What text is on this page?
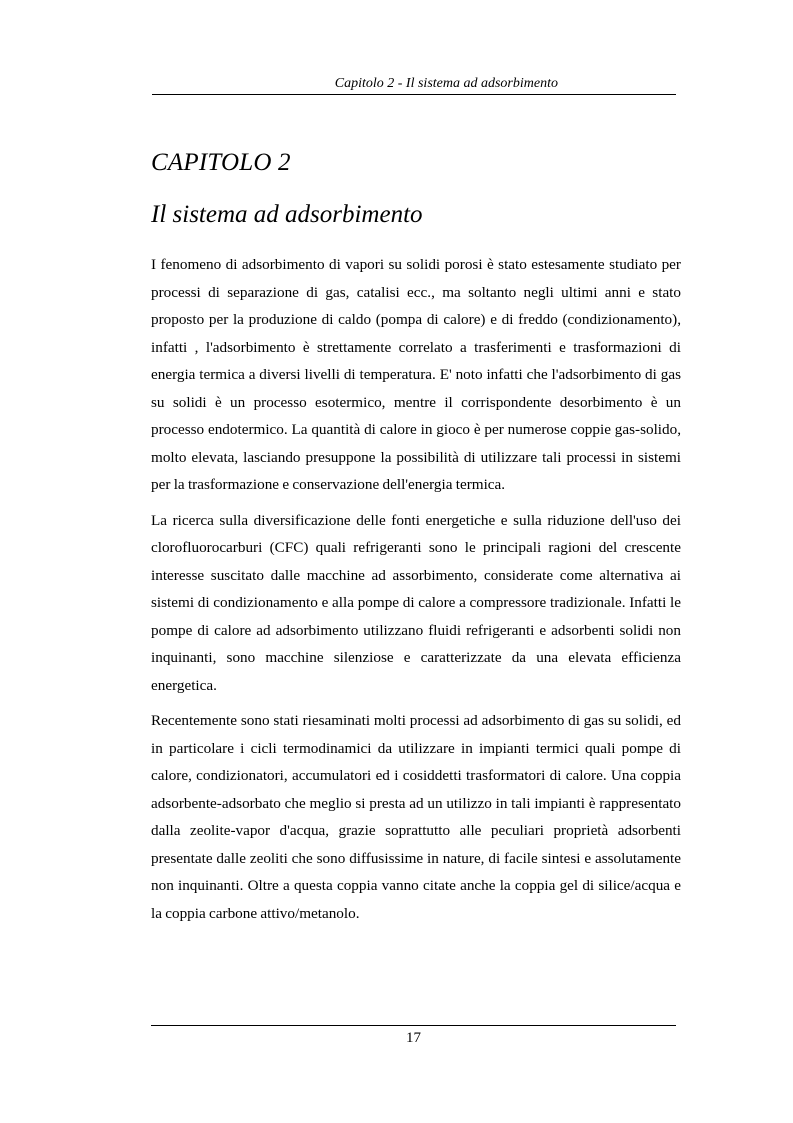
Capitolo 2 - Il sistema ad adsorbimento
CAPITOLO 2
Il sistema ad adsorbimento

I fenomeno di adsorbimento di vapori su solidi porosi è stato estesamente studiato per processi di separazione di gas, catalisi ecc., ma soltanto negli ultimi anni e stato proposto per la produzione di caldo (pompa di calore) e di freddo (condizionamento), infatti , l'adsorbimento è strettamente correlato a trasferimenti e trasformazioni di energia termica a diversi livelli di temperatura. E' noto infatti che l'adsorbimento di gas su solidi è un processo esotermico, mentre il corrispondente desorbimento è un processo endotermico. La quantità di calore in gioco è per numerose coppie gas-solido, molto elevata, lasciando presuppone la possibilità di utilizzare tali processi in sistemi per la trasformazione e conservazione dell'energia termica.

La ricerca sulla diversificazione delle fonti energetiche e sulla riduzione dell'uso dei clorofluorocarburi (CFC) quali refrigeranti sono le principali ragioni del crescente interesse suscitato dalle macchine ad assorbimento, considerate come alternativa ai sistemi di condizionamento e alla pompe di calore a compressore tradizionale. Infatti le pompe di calore ad adsorbimento utilizzano fluidi refrigeranti e adsorbenti solidi non inquinanti, sono macchine silenziose e caratterizzate da una elevata efficienza energetica.

Recentemente sono stati riesaminati molti processi ad adsorbimento di gas su solidi, ed in particolare i cicli termodinamici da utilizzare in impianti termici quali pompe di calore, condizionatori, accumulatori ed i cosiddetti trasformatori di calore. Una coppia adsorbente-adsorbato che meglio si presta ad un utilizzo in tali impianti è rappresentato dalla zeolite-vapor d'acqua, grazie soprattutto alle peculiari proprietà adsorbenti presentate dalle zeoliti che sono diffusissime in nature, di facile sintesi e assolutamente non inquinanti. Oltre a questa coppia vanno citate anche la coppia gel di silice/acqua e la coppia carbone attivo/metanolo.

17
